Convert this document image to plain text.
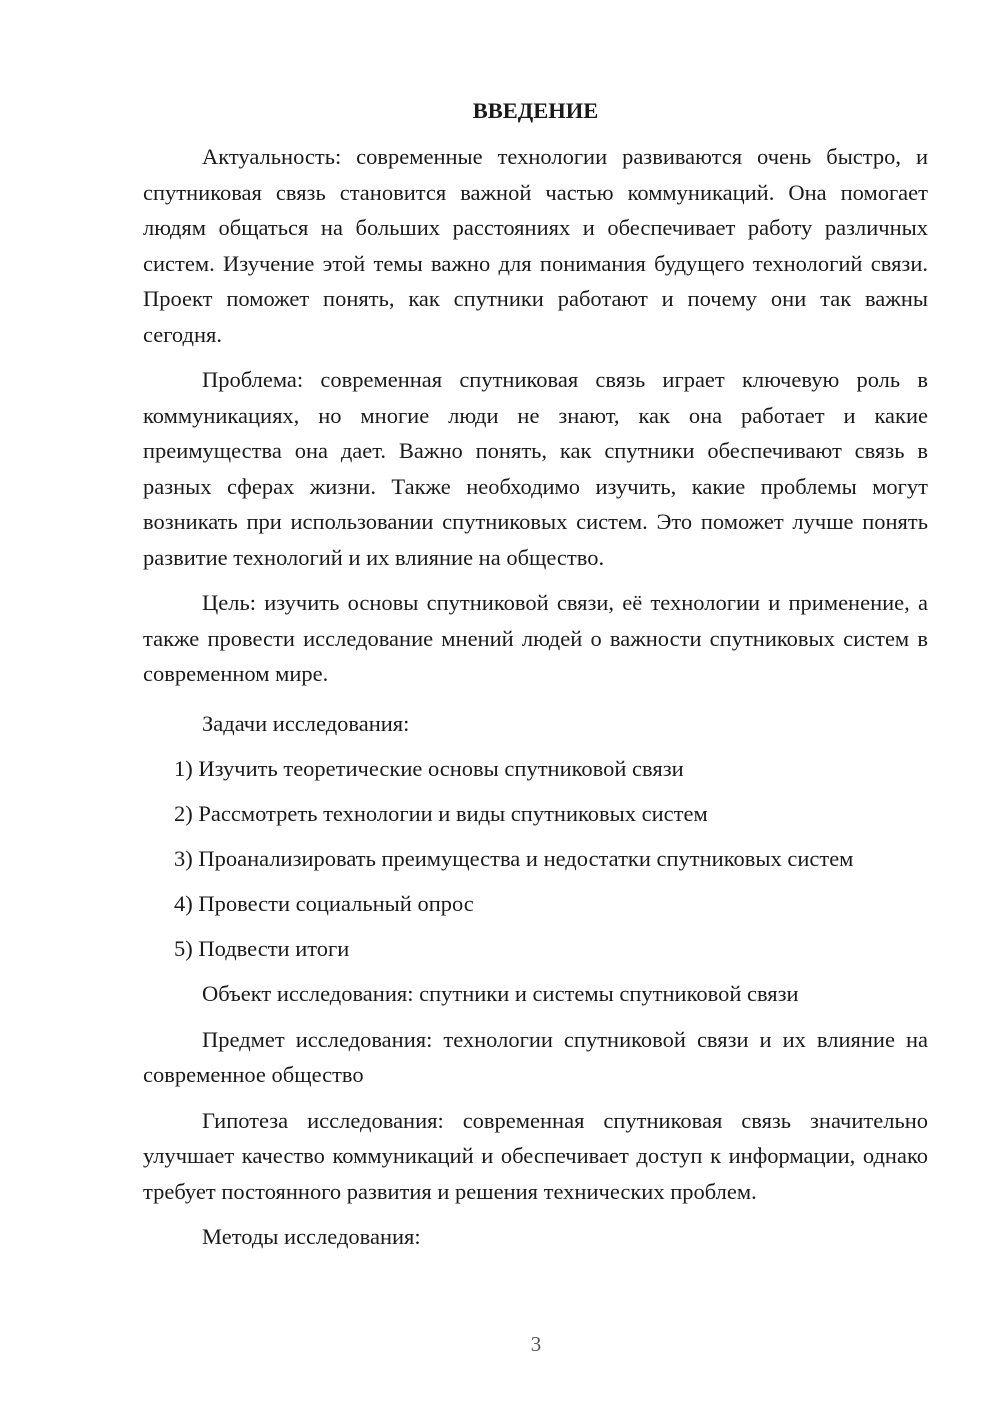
ВВЕДЕНИЕ

Актуальность: современные технологии развиваются очень быстро, и спутниковая связь становится важной частью коммуникаций. Она помогает людям общаться на больших расстояниях и обеспечивает работу различных систем. Изучение этой темы важно для понимания будущего технологий связи. Проект поможет понять, как спутники работают и почему они так важны сегодня.

Проблема: современная спутниковая связь играет ключевую роль в коммуникациях, но многие люди не знают, как она работает и какие преимущества она дает. Важно понять, как спутники обеспечивают связь в разных сферах жизни. Также необходимо изучить, какие проблемы могут возникать при использовании спутниковых систем. Это поможет лучше понять развитие технологий и их влияние на общество.

Цель: изучить основы спутниковой связи, её технологии и применение, а также провести исследование мнений людей о важности спутниковых систем в современном мире.

Задачи исследования:

1) Изучить теоретические основы спутниковой связи
2) Рассмотреть технологии и виды спутниковых систем
3) Проанализировать преимущества и недостатки спутниковых систем
4) Провести социальный опрос
5) Подвести итоги

Объект исследования: спутники и системы спутниковой связи

Предмет исследования: технологии спутниковой связи и их влияние на современное общество

Гипотеза исследования: современная спутниковая связь значительно улучшает качество коммуникаций и обеспечивает доступ к информации, однако требует постоянного развития и решения технических проблем.

Методы исследования:

3
